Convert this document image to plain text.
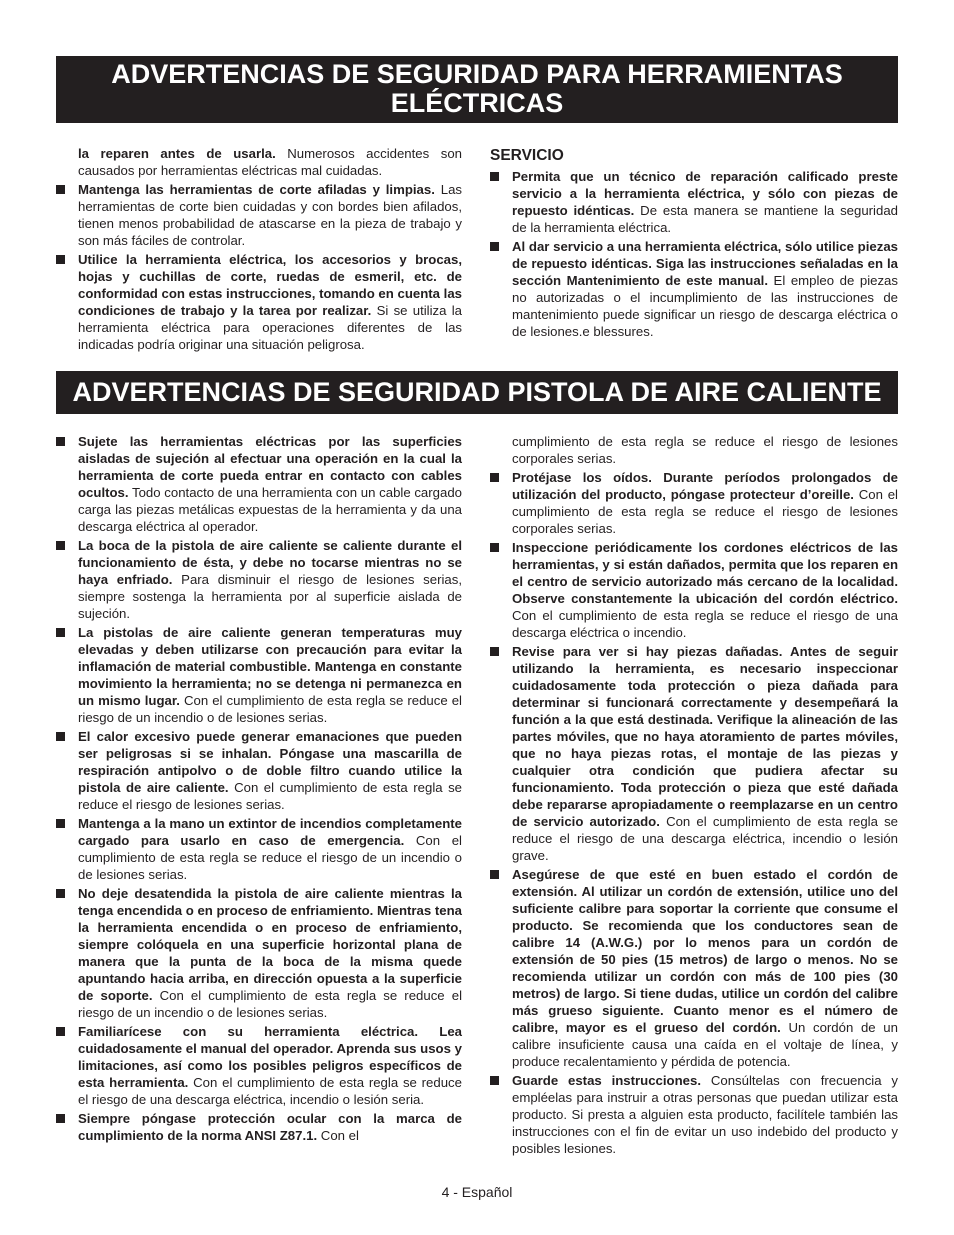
ADVERTENCIAS DE SEGURIDAD PARA HERRAMIENTAS
ELÉCTRICAS

la reparen antes de usarla. Numerosos accidentes son causados por herramientas eléctricas mal cuidadas.

Mantenga las herramientas de corte afiladas y limpias. Las herramientas de corte bien cuidadas y con bordes bien afilados, tienen menos probabilidad de atascarse en la pieza de trabajo y son más fáciles de controlar.

Utilice la herramienta eléctrica, los accesorios y brocas, hojas y cuchillas de corte, ruedas de esmeril, etc. de conformidad con estas instrucciones, tomando en cuenta las condiciones de trabajo y la tarea por realizar. Si se utiliza la herramienta eléctrica para operaciones diferentes de las indicadas podría originar una situación peligrosa.

SERVICIO

Permita que un técnico de reparación calificado preste servicio a la herramienta eléctrica, y sólo con piezas de repuesto idénticas. De esta manera se mantiene la seguridad de la herramienta eléctrica.

Al dar servicio a una herramienta eléctrica, sólo utilice piezas de repuesto idénticas. Siga las instrucciones señaladas en la sección Mantenimiento de este manual. El empleo de piezas no autorizadas o el incumplimiento de las instrucciones de mantenimiento puede significar un riesgo de descarga eléctrica o de lesiones.e blessures.

ADVERTENCIAS DE SEGURIDAD PISTOLA DE AIRE CALIENTE

Sujete las herramientas eléctricas por las superficies aisladas de sujeción al efectuar una operación en la cual la herramienta de corte pueda entrar en contacto con cables ocultos. Todo contacto de una herramienta con un cable cargado carga las piezas metálicas expuestas de la herramienta y da una descarga eléctrica al operador.

La boca de la pistola de aire caliente se caliente durante el funcionamiento de ésta, y debe no tocarse mientras no se haya enfriado. Para disminuir el riesgo de lesiones serias, siempre sostenga la herramienta por al superficie aislada de sujeción.

La pistolas de aire caliente generan temperaturas muy elevadas y deben utilizarse con precaución para evitar la inflamación de material combustible. Mantenga en constante movimiento la herramienta; no se detenga ni permanezca en un mismo lugar. Con el cumplimiento de esta regla se reduce el riesgo de un incendio o de lesiones serias.

El calor excesivo puede generar emanaciones que pueden ser peligrosas si se inhalan. Póngase una mascarilla de respiración antipolvo o de doble filtro cuando utilice la pistola de aire caliente. Con el cumplimiento de esta regla se reduce el riesgo de lesiones serias.

Mantenga a la mano un extintor de incendios completamente cargado para usarlo en caso de emergencia. Con el cumplimiento de esta regla se reduce el riesgo de un incendio o de lesiones serias.

No deje desatendida la pistola de aire caliente mientras la tenga encendida o en proceso de enfriamiento. Mientras tena la herramienta encendida o en proceso de enfriamiento, siempre colóquela en una superficie horizontal plana de manera que la punta de la boca de la misma quede apuntando hacia arriba, en dirección opuesta a la superficie de soporte. Con el cumplimiento de esta regla se reduce el riesgo de un incendio o de lesiones serias.

Familiarícese con su herramienta eléctrica. Lea cuidadosamente el manual del operador. Aprenda sus usos y limitaciones, así como los posibles peligros específicos de esta herramienta. Con el cumplimiento de esta regla se reduce el riesgo de una descarga eléctrica, incendio o lesión seria.

Siempre póngase protección ocular con la marca de cumplimiento de la norma ANSI Z87.1. Con el

cumplimiento de esta regla se reduce el riesgo de lesiones corporales serias.

Protéjase los oídos. Durante períodos prolongados de utilización del producto, póngase protecteur d’oreille. Con el cumplimiento de esta regla se reduce el riesgo de lesiones corporales serias.

Inspeccione periódicamente los cordones eléctricos de las herramientas, y si están dañados, permita que los reparen en el centro de servicio autorizado más cercano de la localidad. Observe constantemente la ubicación del cordón eléctrico. Con el cumplimiento de esta regla se reduce el riesgo de una descarga eléctrica o incendio.

Revise para ver si hay piezas dañadas. Antes de seguir utilizando la herramienta, es necesario inspeccionar cuidadosamente toda protección o pieza dañada para determinar si funcionará correctamente y desempeñará la función a la que está destinada. Verifique la alineación de las partes móviles, que no haya atoramiento de partes móviles, que no haya piezas rotas, el montaje de las piezas y cualquier otra condición que pudiera afectar su funcionamiento. Toda protección o pieza que esté dañada debe repararse apropiadamente o reemplazarse en un centro de servicio autorizado. Con el cumplimiento de esta regla se reduce el riesgo de una descarga eléctrica, incendio o lesión grave.

Asegúrese de que esté en buen estado el cordón de extensión. Al utilizar un cordón de extensión, utilice uno del suficiente calibre para soportar la corriente que consume el producto. Se recomienda que los conductores sean de calibre 14 (A.W.G.) por lo menos para un cordón de extensión de 50 pies (15 metros) de largo o menos. No se recomienda utilizar un cordón con más de 100 pies (30 metros) de largo. Si tiene dudas, utilice un cordón del calibre más grueso siguiente. Cuanto menor es el número de calibre, mayor es el grueso del cordón. Un cordón de un calibre insuficiente causa una caída en el voltaje de línea, y produce recalentamiento y pérdida de potencia.

Guarde estas instrucciones. Consúltelas con frecuencia y empléelas para instruir a otras personas que puedan utilizar esta producto. Si presta a alguien esta producto, facilítele también las instrucciones con el fin de evitar un uso indebido del producto y posibles lesiones.

4 - Español
